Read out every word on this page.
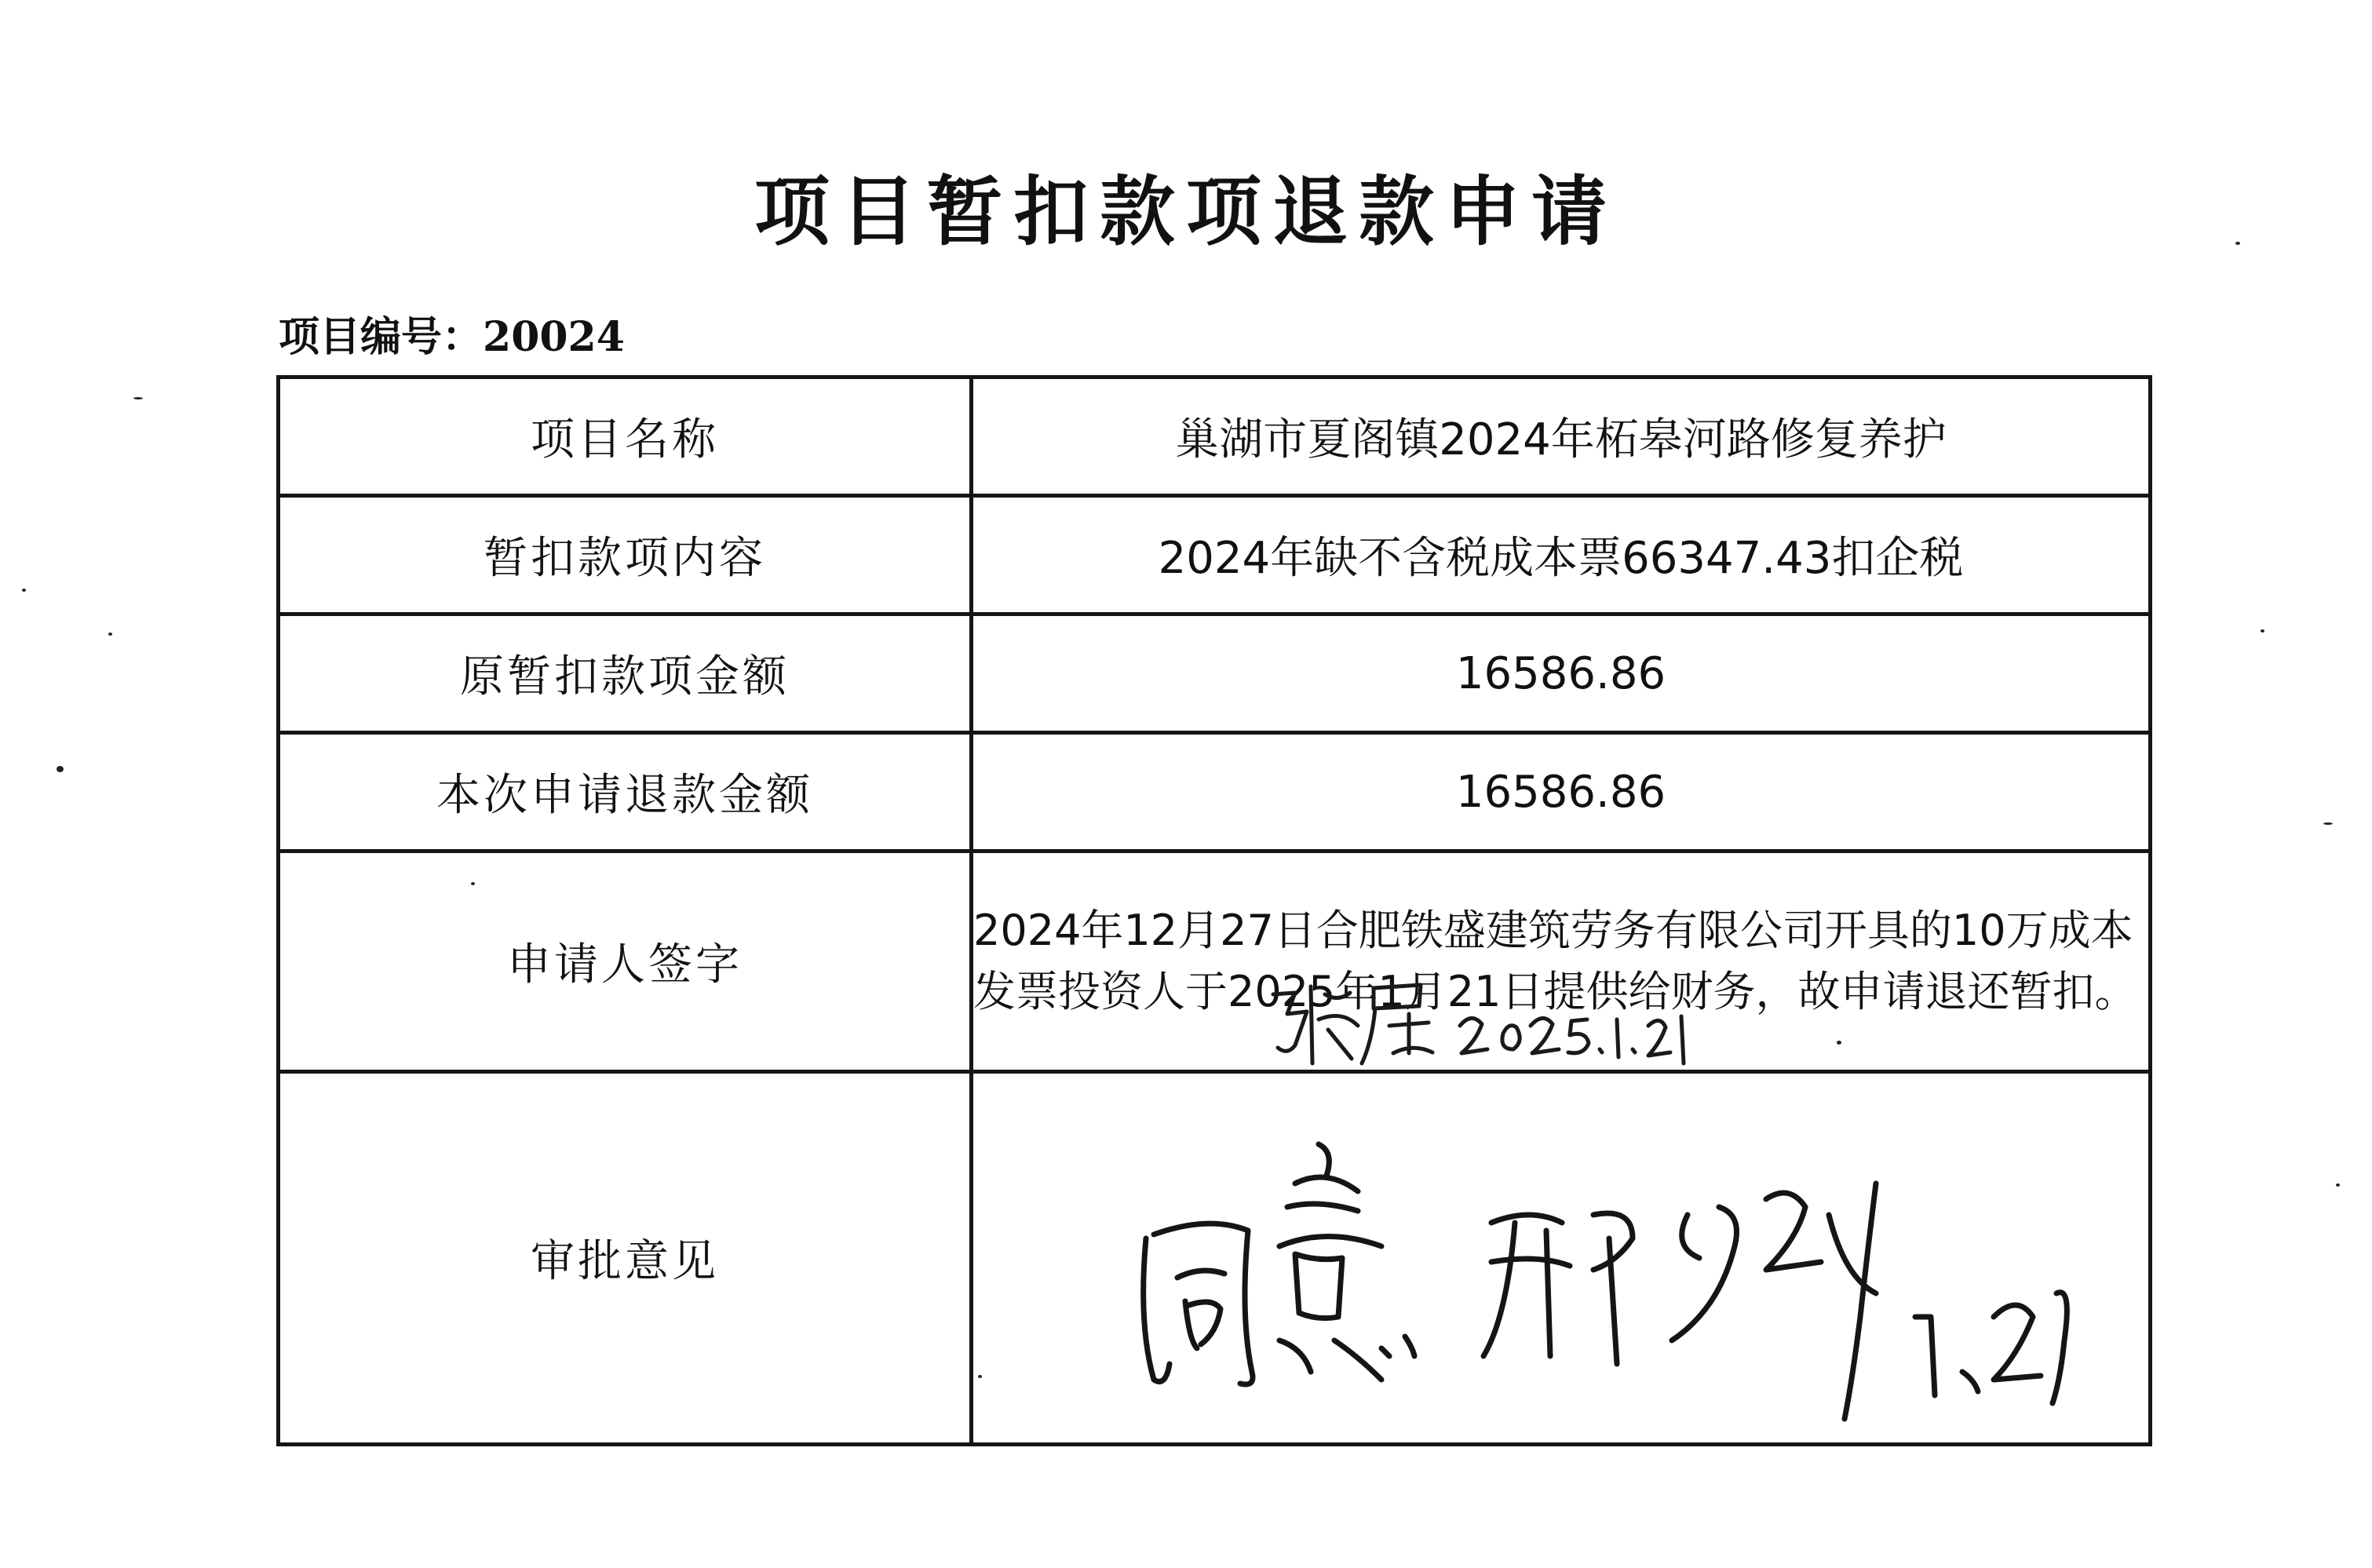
项目暂扣款项退款申请
项目编号：20024
项目名称	巢湖市夏阁镇2024年柘皋河路修复养护
暂扣款项内容	2024年缺不含税成本票66347.43扣企税
原暂扣款项金额	16586.86
本次申请退款金额	16586.86
申请人签字	2024年12月27日合肥铁盛建筑劳务有限公司开具的10万成本发票投资人于2025年1月21日提供给财务，故申请退还暂扣。

审批意见	
